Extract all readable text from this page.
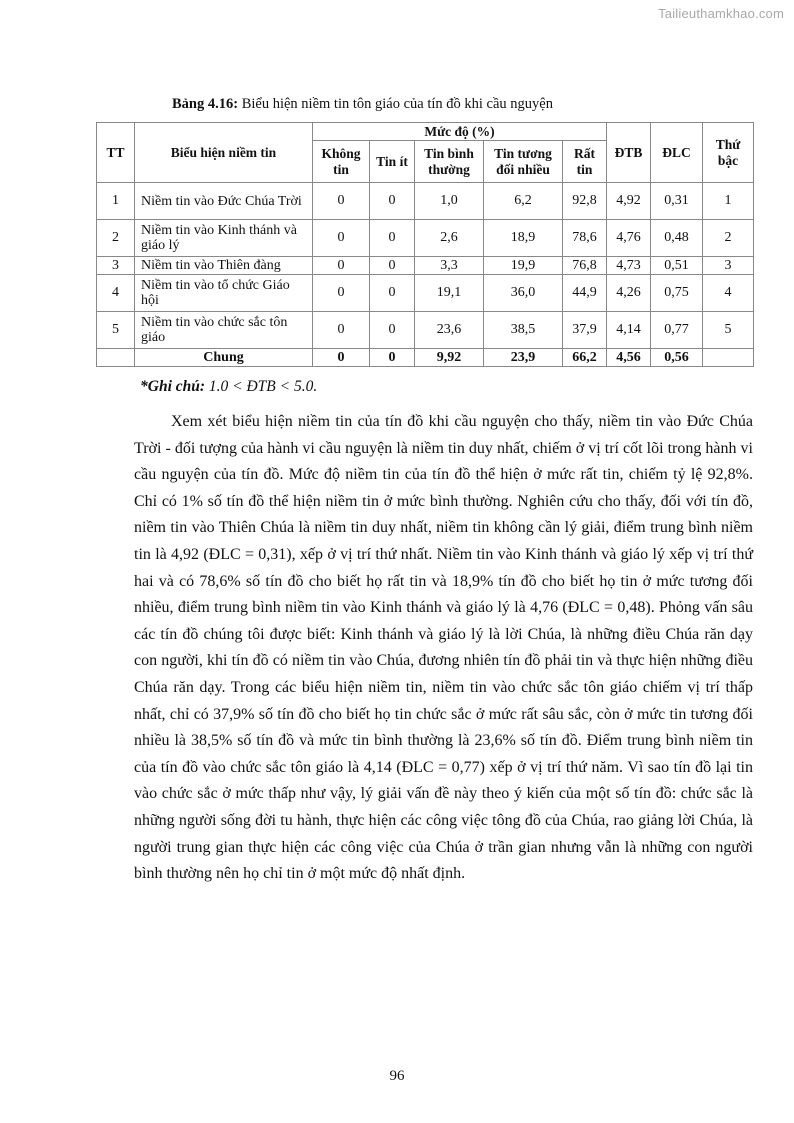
Tailieuthamkhao.com
Bảng 4.16: Biểu hiện niềm tin tôn giáo của tín đồ khi cầu nguyện
TT	Biểu hiện niềm tin	Mức độ (%)					ĐTB	ĐLC	Thứ bậc
		Không tin	Tin ít	Tin bình thường	Tin tương đối nhiều	Rất tin			
1	Niềm tin vào Đức Chúa Trời	0	0	1,0	6,2	92,8	4,92	0,31	1
2	Niềm tin vào Kinh thánh và giáo lý	0	0	2,6	18,9	78,6	4,76	0,48	2
3	Niềm tin vào Thiên đàng	0	0	3,3	19,9	76,8	4,73	0,51	3
4	Niềm tin vào tổ chức Giáo hội	0	0	19,1	36,0	44,9	4,26	0,75	4
5	Niềm tin vào chức sắc tôn giáo	0	0	23,6	38,5	37,9	4,14	0,77	5
	Chung	0	0	9,92	23,9	66,2	4,56	0,56	
*Ghi chú: 1.0 < ĐTB < 5.0.

Xem xét biểu hiện niềm tin của tín đồ khi cầu nguyện cho thấy, niềm tin vào Đức Chúa Trời - đối tượng của hành vi cầu nguyện là niềm tin duy nhất, chiếm ở vị trí cốt lõi trong hành vi cầu nguyện của tín đồ. Mức độ niềm tin của tín đồ thể hiện ở mức rất tin, chiếm tỷ lệ 92,8%. Chỉ có 1% số tín đồ thể hiện niềm tin ở mức bình thường. Nghiên cứu cho thấy, đối với tín đồ, niềm tin vào Thiên Chúa là niềm tin duy nhất, niềm tin không cần lý giải, điểm trung bình niềm tin là 4,92 (ĐLC = 0,31), xếp ở vị trí thứ nhất. Niềm tin vào Kinh thánh và giáo lý xếp vị trí thứ hai và có 78,6% số tín đồ cho biết họ rất tin và 18,9% tín đồ cho biết họ tin ở mức tương đối nhiều, điểm trung bình niềm tin vào Kinh thánh và giáo lý là 4,76 (ĐLC = 0,48). Phỏng vấn sâu các tín đồ chúng tôi được biết: Kinh thánh và giáo lý là lời Chúa, là những điều Chúa răn dạy con người, khi tín đồ có niềm tin vào Chúa, đương nhiên tín đồ phải tin và thực hiện những điều Chúa răn dạy. Trong các biểu hiện niềm tin, niềm tin vào chức sắc tôn giáo chiếm vị trí thấp nhất, chỉ có 37,9% số tín đồ cho biết họ tin chức sắc ở mức rất sâu sắc, còn ở mức tin tương đối nhiều là 38,5% số tín đồ và mức tin bình thường là 23,6% số tín đồ. Điểm trung bình niềm tin của tín đồ vào chức sắc tôn giáo là 4,14 (ĐLC = 0,77) xếp ở vị trí thứ năm. Vì sao tín đồ lại tin vào chức sắc ở mức thấp như vậy, lý giải vấn đề này theo ý kiến của một số tín đồ: chức sắc là những người sống đời tu hành, thực hiện các công việc tông đồ của Chúa, rao giảng lời Chúa, là người trung gian thực hiện các công việc của Chúa ở trần gian nhưng vẫn là những con người bình thường nên họ chỉ tin ở một mức độ nhất định.

96
